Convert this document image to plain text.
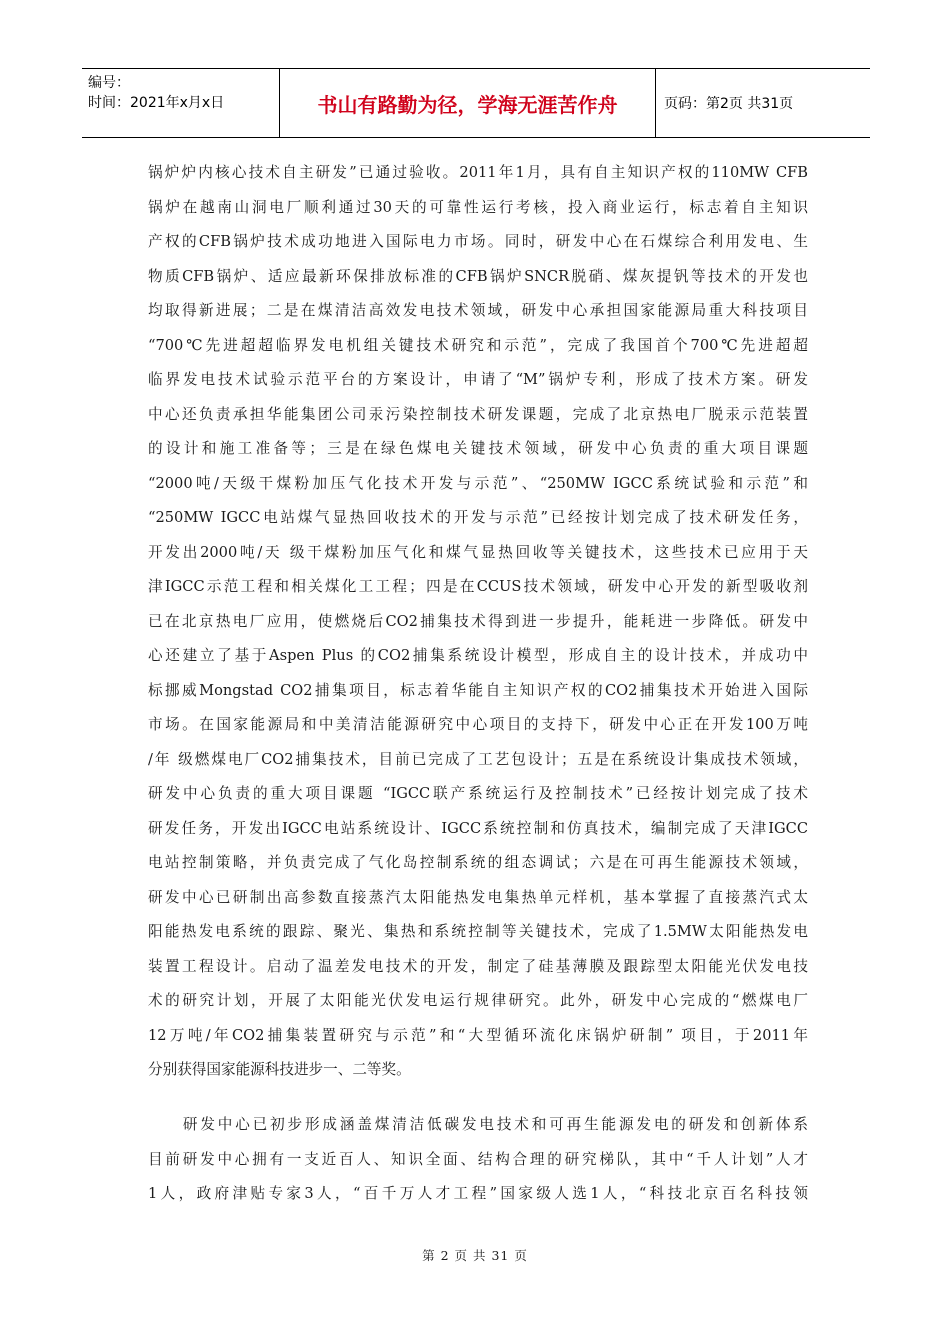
编号：
时间：2021年x月x日	书山有路勤为径，学海无涯苦作舟	页码：第2页 共31页
锅炉炉内核心技术自主研发”已通过验收。2011年1月，具有自主知识产权的110MW CFB
锅炉在越南山洞电厂顺利通过30天的可靠性运行考核，投入商业运行，标志着自主知识
产权的CFB锅炉技术成功地进入国际电力市场。同时，研发中心在石煤综合利用发电、生
物质CFB锅炉、适应最新环保排放标准的CFB锅炉SNCR脱硝、煤灰提钒等技术的开发也
均取得新进展；二是在煤清洁高效发电技术领域，研发中心承担国家能源局重大科技项目
“700℃先进超超临界发电机组关键技术研究和示范”，完成了我国首个700℃先进超超
临界发电技术试验示范平台的方案设计，申请了“M”锅炉专利，形成了技术方案。研发
中心还负责承担华能集团公司汞污染控制技术研发课题，完成了北京热电厂脱汞示范装置
的设计和施工准备等；三是在绿色煤电关键技术领域，研发中心负责的重大项目课题
“2000吨/天级干煤粉加压气化技术开发与示范”、“250MW IGCC系统试验和示范”和
“250MW IGCC电站煤气显热回收技术的开发与示范”已经按计划完成了技术研发任务，
开发出2000吨/天 级干煤粉加压气化和煤气显热回收等关键技术，这些技术已应用于天
津IGCC示范工程和相关煤化工工程；四是在CCUS技术领域，研发中心开发的新型吸收剂
已在北京热电厂应用，使燃烧后CO2捕集技术得到进一步提升，能耗进一步降低。研发中
心还建立了基于Aspen Plus 的CO2捕集系统设计模型，形成自主的设计技术，并成功中
标挪威Mongstad CO2捕集项目，标志着华能自主知识产权的CO2捕集技术开始进入国际
市场。在国家能源局和中美清洁能源研究中心项目的支持下，研发中心正在开发100万吨
/年 级燃煤电厂CO2捕集技术，目前已完成了工艺包设计；五是在系统设计集成技术领域，
研发中心负责的重大项目课题 “IGCC联产系统运行及控制技术”已经按计划完成了技术
研发任务，开发出IGCC电站系统设计、IGCC系统控制和仿真技术，编制完成了天津IGCC
电站控制策略，并负责完成了气化岛控制系统的组态调试；六是在可再生能源技术领域，
研发中心已研制出高参数直接蒸汽太阳能热发电集热单元样机，基本掌握了直接蒸汽式太
阳能热发电系统的跟踪、聚光、集热和系统控制等关键技术，完成了1.5MW太阳能热发电
装置工程设计。启动了温差发电技术的开发，制定了硅基薄膜及跟踪型太阳能光伏发电技
术的研究计划，开展了太阳能光伏发电运行规律研究。此外，研发中心完成的“燃煤电厂
12万吨/年CO2捕集装置研究与示范”和“大型循环流化床锅炉研制” 项目，于2011年
分别获得国家能源科技进步一、二等奖。
　　研发中心已初步形成涵盖煤清洁低碳发电技术和可再生能源发电的研发和创新体系
目前研发中心拥有一支近百人、知识全面、结构合理的研究梯队，其中“千人计划”人才
1人，政府津贴专家3人，“百千万人才工程”国家级人选1人，“科技北京百名科技领
第 2 页 共 31 页
